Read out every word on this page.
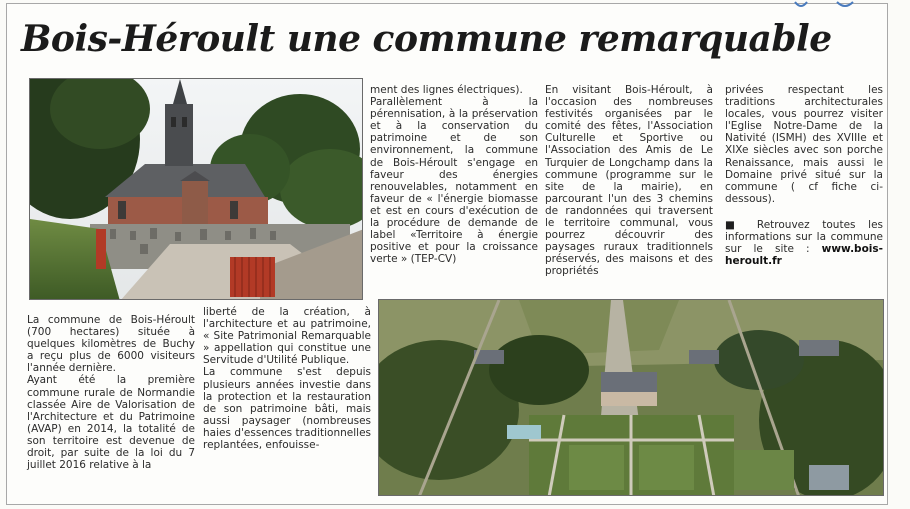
Bois-Héroult une commune remarquable

ment des lignes électriques).

Parallèlement à la pérennisation, à la préservation et à la conservation du patrimoine et de son environnement, la commune de Bois-Héroult s'engage en faveur des énergies renouvelables, notamment en faveur de « l'énergie biomasse et est en cours d'exécution de la procédure de demande de label «Territoire à énergie positive et pour la croissance verte » (TEP-CV)

En visitant Bois-Héroult, à l'occasion des nombreuses festivités organisées par le comité des fêtes, l'Association Culturelle et Sportive ou l'Association des Amis de Le Turquier de Longchamp dans la commune (programme sur le site de la mairie), en parcourant l'un des 3 chemins de randonnées qui traversent le territoire communal, vous pourrez découvrir des paysages ruraux traditionnels préservés, des maisons et des propriétés

privées respectant les traditions architecturales locales, vous pourrez visiter l'Eglise Notre-Dame de la Nativité (ISMH) des XVIIIe et XIXe siècles avec son porche Renaissance, mais aussi le Domaine privé situé sur la commune ( cf fiche ci-dessous).

■ Retrouvez toutes les informations sur la commune sur le site : www.bois-heroult.fr

La commune de Bois-Héroult (700 hectares) située à quelques kilomètres de Buchy a reçu plus de 6000 visiteurs l'année dernière.

Ayant été la première commune rurale de Normandie classée Aire de Valorisation de l'Architecture et du Patrimoine (AVAP) en 2014, la totalité de son territoire est devenue de droit, par suite de la loi du 7 juillet 2016 relative à la

liberté de la création, à l'architecture et au patrimoine, « Site Patrimonial Remarquable » appellation qui constitue une Servitude d'Utilité Publique.

La commune s'est depuis plusieurs années investie dans la protection et la restauration de son patrimoine bâti, mais aussi paysager (nombreuses haies d'essences traditionnelles replantées, enfouisse-
